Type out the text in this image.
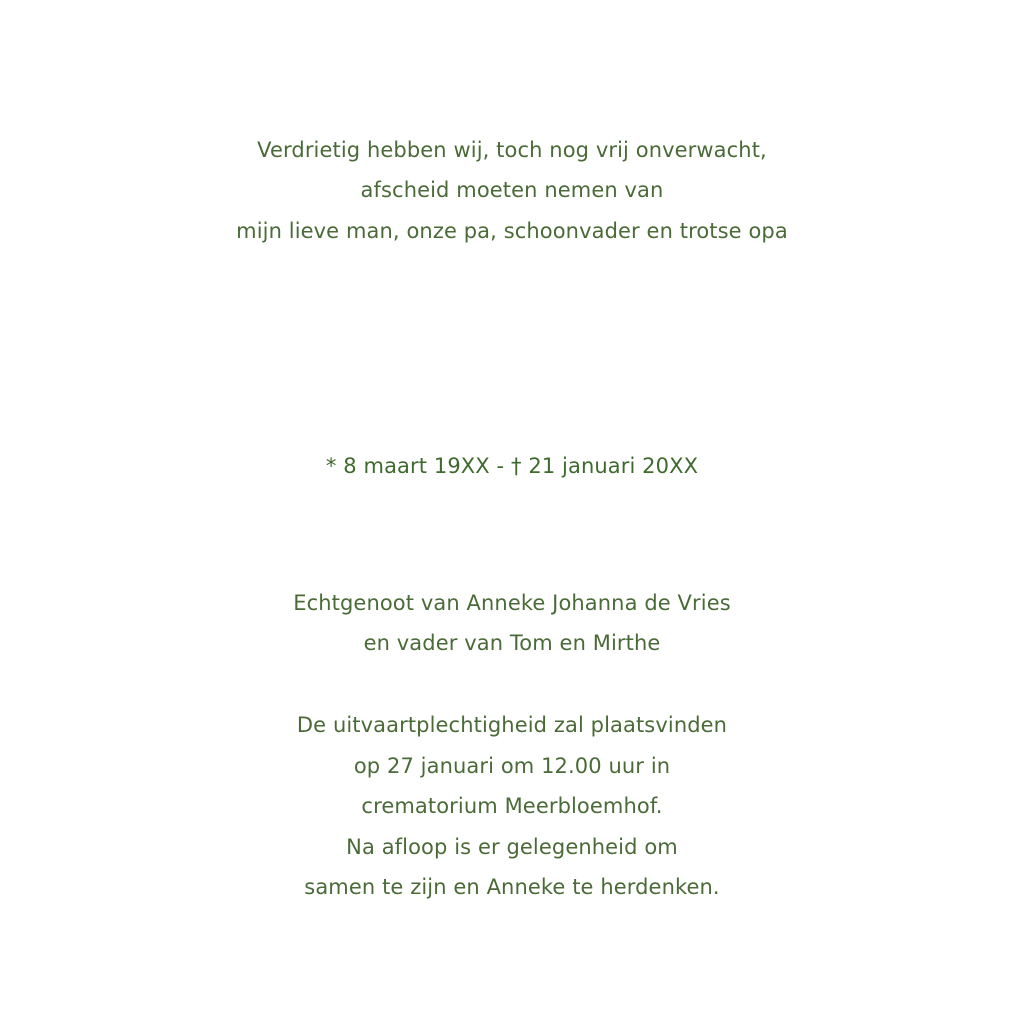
Verdrietig hebben wij, toch nog vrij onverwacht,
afscheid moeten nemen van
mijn lieve man, onze pa, schoonvader en trotse opa
* 8 maart 19XX - † 21 januari 20XX
Echtgenoot van Anneke Johanna de Vries
en vader van Tom en Mirthe
De uitvaartplechtigheid zal plaatsvinden
op 27 januari om 12.00 uur in
crematorium Meerbloemhof.
Na afloop is er gelegenheid om
samen te zijn en Anneke te herdenken.
